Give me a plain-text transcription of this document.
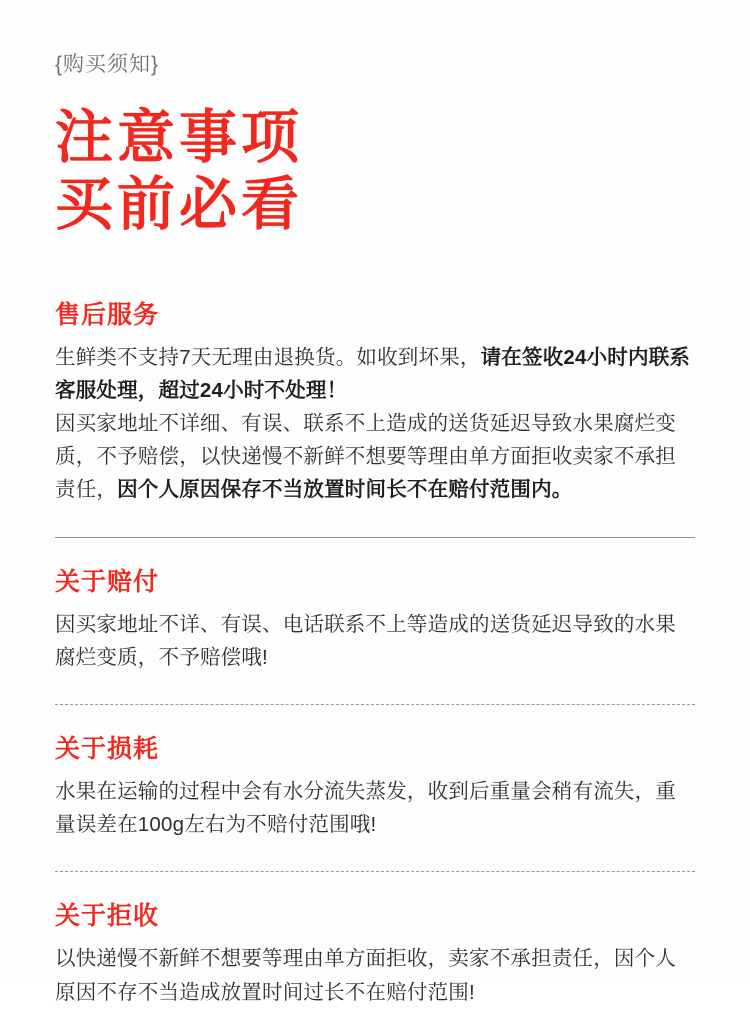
{购买须知}
注意事项
买前必看
售后服务

生鲜类不支持7天无理由退换货。如收到坏果，请在签收24小时内联系客服处理，超过24小时不处理！

因买家地址不详细、有误、联系不上造成的送货延迟导致水果腐烂变质，不予赔偿，以快递慢不新鲜不想要等理由单方面拒收卖家不承担责任，因个人原因保存不当放置时间长不在赔付范围内。

关于赔付

因买家地址不详、有误、电话联系不上等造成的送货延迟导致的水果腐烂变质，不予赔偿哦!

关于损耗

水果在运输的过程中会有水分流失蒸发，收到后重量会稍有流失，重量误差在100g左右为不赔付范围哦!

关于拒收

以快递慢不新鲜不想要等理由单方面拒收，卖家不承担责任，因个人原因不存不当造成放置时间过长不在赔付范围!
